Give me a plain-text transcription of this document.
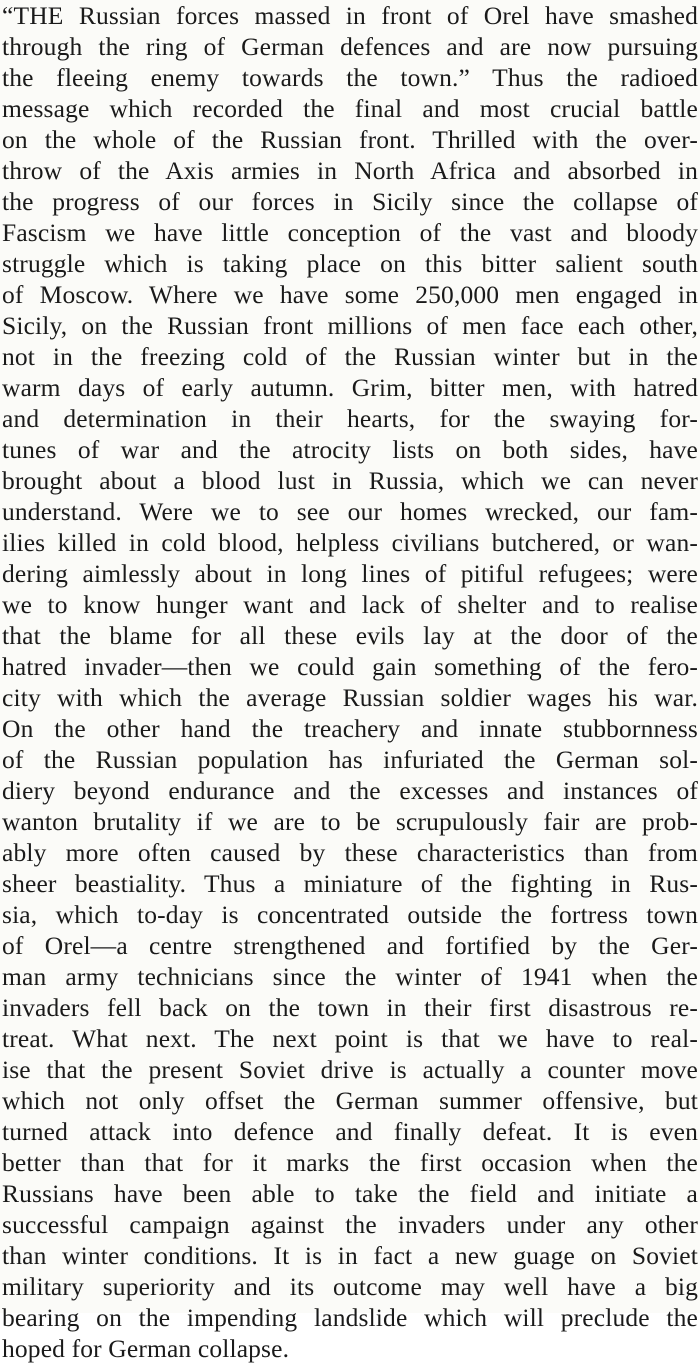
“THE Russian forces massed in front of Orel have smashed
through the ring of German defences and are now pursuing
the fleeing enemy towards the town.” Thus the radioed
message which recorded the final and most crucial battle
on the whole of the Russian front. Thrilled with the over-
throw of the Axis armies in North Africa and absorbed in
the progress of our forces in Sicily since the collapse of
Fascism we have little conception of the vast and bloody
struggle which is taking place on this bitter salient south
of Moscow. Where we have some 250,000 men engaged in
Sicily, on the Russian front millions of men face each other,
not in the freezing cold of the Russian winter but in the
warm days of early autumn. Grim, bitter men, with hatred
and determination in their hearts, for the swaying for-
tunes of war and the atrocity lists on both sides, have
brought about a blood lust in Russia, which we can never
understand. Were we to see our homes wrecked, our fam-
ilies killed in cold blood, helpless civilians butchered, or wan-
dering aimlessly about in long lines of pitiful refugees; were
we to know hunger want and lack of shelter and to realise
that the blame for all these evils lay at the door of the
hatred invader—then we could gain something of the fero-
city with which the average Russian soldier wages his war.
On the other hand the treachery and innate stubbornness
of the Russian population has infuriated the German sol-
diery beyond endurance and the excesses and instances of
wanton brutality if we are to be scrupulously fair are prob-
ably more often caused by these characteristics than from
sheer beastiality. Thus a miniature of the fighting in Rus-
sia, which to-day is concentrated outside the fortress town
of Orel—a centre strengthened and fortified by the Ger-
man army technicians since the winter of 1941 when the
invaders fell back on the town in their first disastrous re-
treat. What next. The next point is that we have to real-
ise that the present Soviet drive is actually a counter move
which not only offset the German summer offensive, but
turned attack into defence and finally defeat. It is even
better than that for it marks the first occasion when the
Russians have been able to take the field and initiate a
successful campaign against the invaders under any other
than winter conditions. It is in fact a new guage on Soviet
military superiority and its outcome may well have a big
bearing on the impending landslide which will preclude the
hoped for German collapse.
